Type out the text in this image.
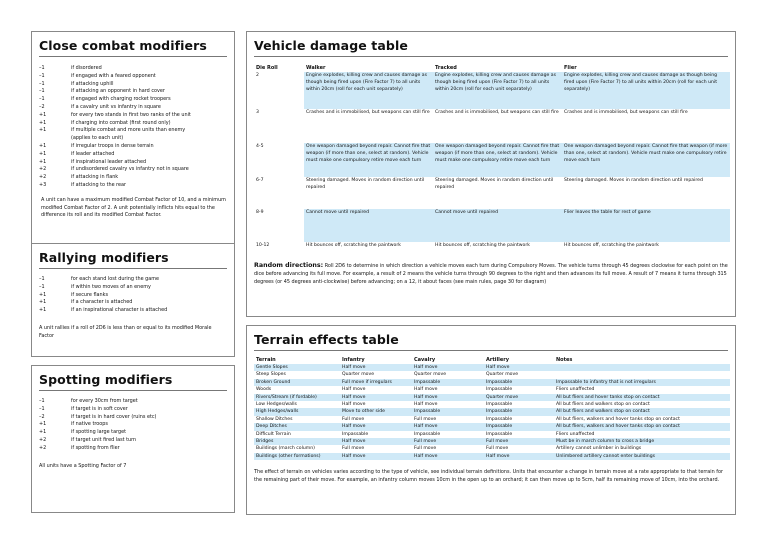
Close combat modifiers
–1	if disordered
–1	if engaged with a feared opponent
–1	if attacking uphill
–1	if attacking an opponent in hard cover
–1	if engaged with charging rocket troopers
–2	if a cavalry unit vs infantry in square
+1	for every two stands in first two ranks of the unit
+1	if charging into combat (first round only)
+1	if multiple combat and more units than enemy
(applies to each unit)
+1	if irregular troops in dense terrain
+1	if leader attached
+1	if inspirational leader attached
+2	if undisordered cavalry vs infantry not in square
+2	if attacking in flank
+3	if attacking to the rear
A unit can have a maximum modified Combat Factor of 10, and a minimum modified Combat Factor of 2. A unit potentially inflicts hits equal to the difference its roll and its modified Combat Factor.
Rallying modifiers
–1	for each stand lost during the game
–1	if within two moves of an enemy
+1	if secure flanks
+1	if a character is attached
+1	if an inspirational character is attached
A unit rallies if a roll of 2D6 is less than or equal to its modified Morale Factor
Spotting modifiers
–1	for every 30cm from target
–1	if target is in soft cover
–2	if target is in hard cover (ruins etc)
+1	if native troops
+1	if spotting large target
+2	if target unit fired last turn
+2	if spotting from flier
All units have a Spotting Factor of 7
Vehicle damage table
Die Roll	Walker	Tracked	Flier
2	Engine explodes, killing crew and causes damage as though being fired upon (Fire Factor 7) to all units within 20cm (roll for each unit separately)	Engine explodes, killing crew and causes damage as though being fired upon (Fire Factor 7) to all units within 20cm (roll for each unit separately)	Engine explodes, killing crew and causes damage as though being fired upon (Fire Factor 7) to all units within 20cm (roll for each unit separately)
3	Crashes and is immobilised, but weapons can still fire	Crashes and is immobilised, but weapons can still fire	Crashes and is immobilised, but weapons can still fire
4-5	One weapon damaged beyond repair. Cannot fire that weapon (if more than one, select at random). Vehicle must make one compulsory retire move each turn	One weapon damaged beyond repair. Cannot fire that weapon (if more than one, select at random). Vehicle must make one compulsory retire move each turn	One weapon damaged beyond repair. Cannot fire that weapon (if more than one, select at random). Vehicle must make one compulsory retire move each turn
6-7	Steering damaged. Moves in random direction until repaired	Steering damaged. Moves in random direction until repaired	Steering damaged. Moves in random direction until repaired
8-9	Cannot move until repaired	Cannot move until repaired	Flier leaves the table for rest of game
10-12	Hit bounces off, scratching the paintwork	Hit bounces off, scratching the paintwork	Hit bounces off, scratching the paintwork
Random directions: Roll 2D6 to determine in which direction a vehicle moves each turn during Compulsory Moves. The vehicle turns through 45 degrees clockwise for each point on the dice before advancing its full move. For example, a result of 2 means the vehicle turns through 90 degrees to the right and then advances its full move. A result of 7 means it turns through 315 degrees (or 45 degrees anti-clockwise) before advancing; on a 12, it about faces (see main rules, page 30 for diagram)
Terrain effects table
Terrain	Infantry	Cavalry	Artillery	Notes
Gentle Slopes	Half move	Half move	Half move	
Steep Slopes	Quarter move	Quarter move	Quarter move	
Broken Ground	Full move if irregulars	Impassable	Impassable	Impassable to infantry that is not irregulars
Woods	Half move	Half move	Impassable	Fliers unaffected
Rivers/Stream (if fordable)	Half move	Half move	Quarter move	All but fliers and hover tanks stop on contact
Low Hedges/walls	Half move	Half move	Impassable	All but fliers and walkers stop on contact
High Hedges/walls	Move to other side	Impassable	Impassable	All but fliers and walkers stop on contact
Shallow Ditches	Full move	Full move	Impassable	All but fliers, walkers and hover tanks stop on contact
Deep Ditches	Half move	Half move	Impassable	All but fliers, walkers and hover tanks stop on contact
Difficult Terrain	Impassable	Impassable	Impassable	Fliers unaffected
Bridges	Half move	Full move	Full move	Must be in march column to cross a bridge
Buildings (march column)	Full move	Full move	Full move	Artillery cannot unlimber in buildings
Buildings (other formations)	Half move	Half move	Half move	Unlimbered artillery cannot enter buildings
The effect of terrain on vehicles varies according to the type of vehicle, see individual terrain definitions. Units that encounter a change in terrain move at a rate appropriate to that terrain for the remaining part of their move. For example, an infantry column moves 10cm in the open up to an orchard; it can then move up to 5cm, half its remaining move of 10cm, into the orchard.
